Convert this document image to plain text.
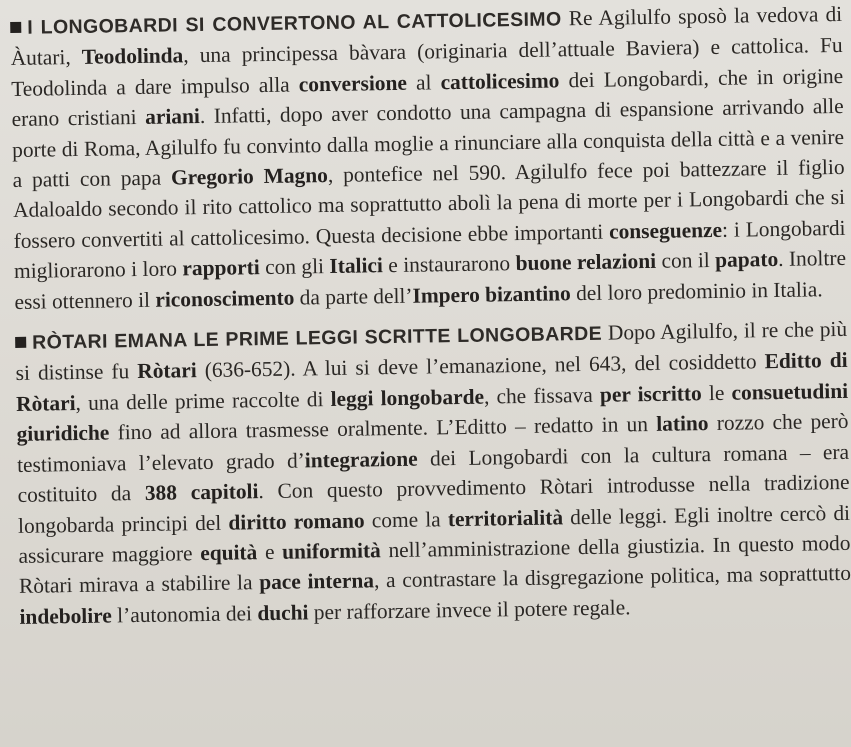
I LONGOBARDI SI CONVERTONO AL CATTOLICESIMO Re Agilulfo sposò la vedova di Àutari, Teodolinda, una principessa bàvara (originaria dell’attuale Baviera) e cattolica. Fu Teodolinda a dare impulso alla conversione al cattolicesimo dei Longobardi, che in origine erano cristiani ariani. Infatti, dopo aver condotto una campagna di espansione arrivando alle porte di Roma, Agilulfo fu convinto dalla moglie a rinunciare alla conquista della città e a venire a patti con papa Gregorio Magno, pontefice nel 590. Agilulfo fece poi battezzare il figlio Adaloaldo secondo il rito cattolico ma soprattutto abolì la pena di morte per i Longobardi che si fossero convertiti al cattolicesimo. Questa decisione ebbe importanti conseguenze: i Longobardi migliorarono i loro rapporti con gli Italici e instaurarono buone relazioni con il papato. Inoltre essi ottennero il riconoscimento da parte dell’Impero bizantino del loro predominio in Italia.

RÒTARI EMANA LE PRIME LEGGI SCRITTE LONGOBARDE Dopo Agilulfo, il re che più si distinse fu Ròtari (636-652). A lui si deve l’emanazione, nel 643, del cosiddetto Editto di Ròtari, una delle prime raccolte di leggi longobarde, che fissava per iscritto le consuetudini giuridiche fino ad allora trasmesse oralmente. L’Editto – redatto in un latino rozzo che però testimoniava l’elevato grado d’integrazione dei Longobardi con la cultura romana – era costituito da 388 capitoli. Con questo provvedimento Ròtari introdusse nella tradizione longobarda principi del diritto romano come la territorialità delle leggi. Egli inoltre cercò di assicurare maggiore equità e uniformità nell’amministrazione della giustizia. In questo modo Ròtari mirava a stabilire la pace interna, a contrastare la disgregazione politica, ma soprattutto indebolire l’autonomia dei duchi per rafforzare invece il potere regale.
